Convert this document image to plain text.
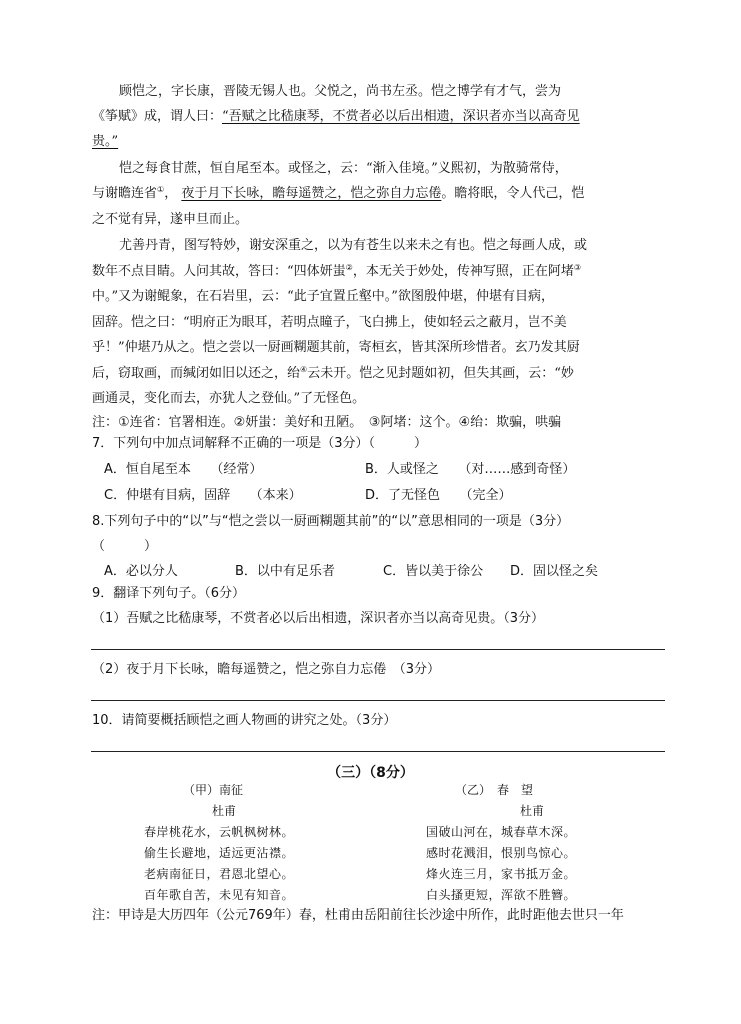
顾恺之，字长康，晋陵无锡人也。父悦之，尚书左丞。恺之博学有才气，尝为
《筝赋》成，谓人曰：“吾赋之比嵇康琴，不赏者必以后出相遗，深识者亦当以高奇见
贵。”
恺之每食甘蔗，恒自尾至本。或怪之，云：“渐入佳境。”义熙初，为散骑常侍，
与谢瞻连省①， 夜于月下长咏，瞻每遥赞之，恺之弥自力忘倦。瞻将眠，令人代己，恺
之不觉有异，遂申旦而止。
尤善丹青，图写特妙，谢安深重之，以为有苍生以来未之有也。恺之每画人成，或
数年不点目睛。人问其故，答曰：“四体妍蚩②，本无关于妙处，传神写照，正在阿堵③
中。”又为谢鲲象，在石岩里，云：“此子宜置丘壑中。”欲图殷仲堪，仲堪有目病，
固辞。恺之曰：“明府正为眼耳，若明点瞳子，飞白拂上，使如轻云之蔽月，岂不美
乎！”仲堪乃从之。恺之尝以一厨画糊题其前，寄桓玄，皆其深所珍惜者。玄乃发其厨
后，窃取画，而缄闭如旧以还之，绐④云未开。恺之见封题如初，但失其画，云：“妙
画通灵，变化而去，亦犹人之登仙。”了无怪色。
注：①连省：官署相连。②妍蚩：美好和丑陋。　③阿堵：这个。④绐：欺骗，哄骗
7．下列句中加点词解释不正确的一项是（3分）（　　　）
A．恒自尾至本　　（经常）	B．人或怪之　　（对……感到奇怪）
C．仲堪有目病，固辞　　（本来）	D．了无怪色　　（完全）
8.下列句子中的“以”与“恺之尝以一厨画糊题其前”的“以”意思相同的一项是（3分）
（　　　）
A．必以分人	B．以中有足乐者	C．皆以美于徐公 D．固以怪之矣
9．翻译下列句子。（6分）
（1）吾赋之比嵇康琴，不赏者必以后出相遗，深识者亦当以高奇见贵。（3分）
（2）夜于月下长咏，瞻每遥赞之，恺之弥自力忘倦　（3分）
10．请简要概括顾恺之画人物画的讲究之处。（3分）
（三）（8分）
（甲）南征
杜甫
春岸桃花水，云帆枫树林。
偷生长避地，适远更沾襟。
老病南征日，君恩北望心。
百年歌自苦，未见有知音。
（乙）　春　望
杜甫
国破山河在，城春草木深。
感时花溅泪，恨别鸟惊心。
烽火连三月，家书抵万金。
白头搔更短，浑欲不胜簪。
注：甲诗是大历四年（公元769年）春，杜甫由岳阳前往长沙途中所作，此时距他去世只一年
